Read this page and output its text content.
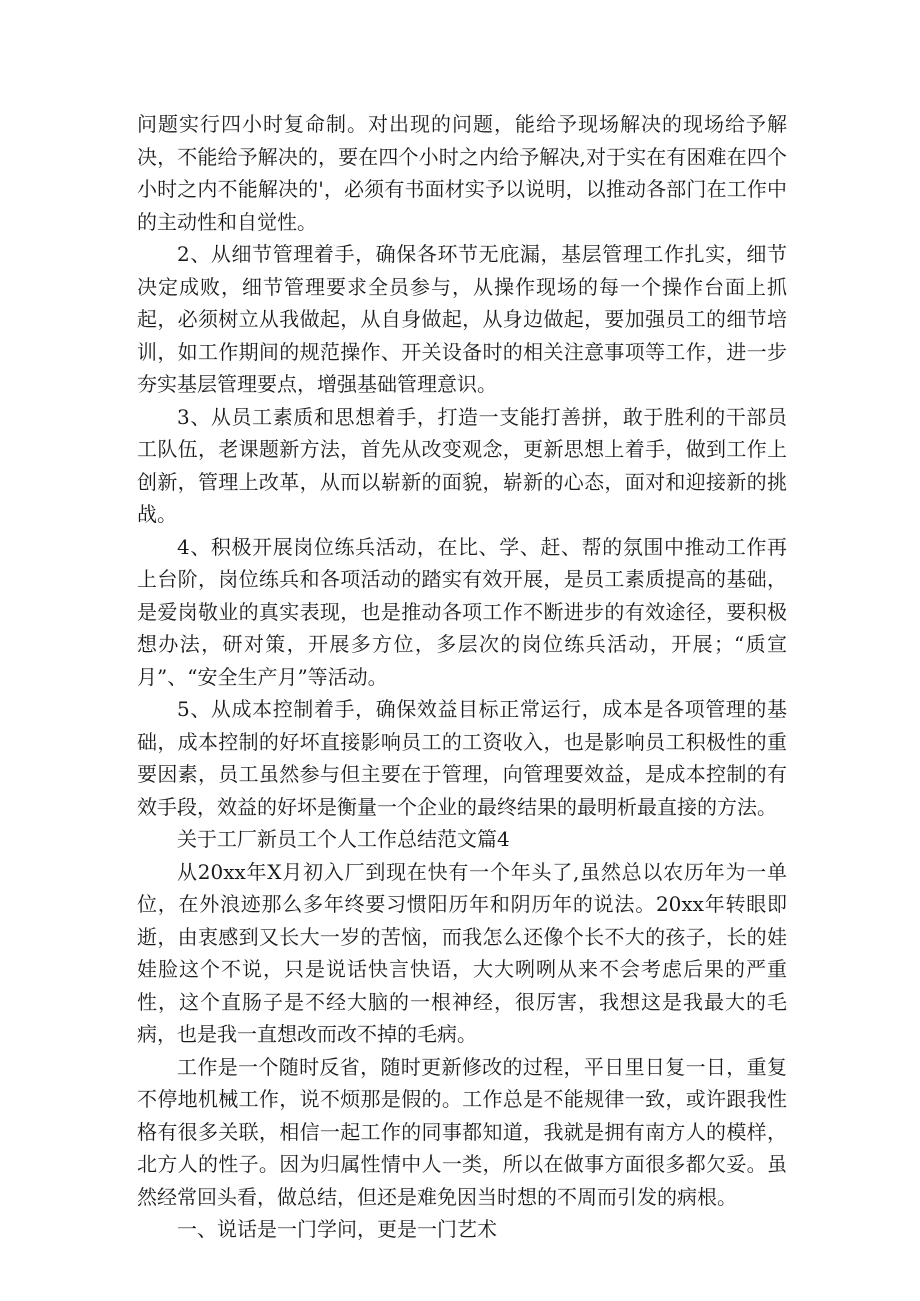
问题实行四小时复命制。对出现的问题，能给予现场解决的现场给予解决，不能给予解决的，要在四个小时之内给予解决,对于实在有困难在四个小时之内不能解决的'，必须有书面材实予以说明，以推动各部门在工作中的主动性和自觉性。

2、从细节管理着手，确保各环节无庇漏，基层管理工作扎实，细节决定成败，细节管理要求全员参与，从操作现场的每一个操作台面上抓起，必须树立从我做起，从自身做起，从身边做起，要加强员工的细节培训，如工作期间的规范操作、开关设备时的相关注意事项等工作，进一步夯实基层管理要点，增强基础管理意识。

3、从员工素质和思想着手，打造一支能打善拼，敢于胜利的干部员工队伍，老课题新方法，首先从改变观念，更新思想上着手，做到工作上创新，管理上改革，从而以崭新的面貌，崭新的心态，面对和迎接新的挑战。

4、积极开展岗位练兵活动，在比、学、赶、帮的氛围中推动工作再上台阶，岗位练兵和各项活动的踏实有效开展，是员工素质提高的基础，是爱岗敬业的真实表现，也是推动各项工作不断进步的有效途径，要积极想办法，研对策，开展多方位，多层次的岗位练兵活动，开展；“质宣月”、“安全生产月”等活动。

5、从成本控制着手，确保效益目标正常运行，成本是各项管理的基础，成本控制的好坏直接影响员工的工资收入，也是影响员工积极性的重要因素，员工虽然参与但主要在于管理，向管理要效益，是成本控制的有效手段，效益的好坏是衡量一个企业的最终结果的最明析最直接的方法。

关于工厂新员工个人工作总结范文篇4

从20xx年X月初入厂到现在快有一个年头了,虽然总以农历年为一单位，在外浪迹那么多年终要习惯阳历年和阴历年的说法。20xx年转眼即逝，由衷感到又长大一岁的苦恼，而我怎么还像个长不大的孩子，长的娃娃脸这个不说，只是说话快言快语，大大咧咧从来不会考虑后果的严重性，这个直肠子是不经大脑的一根神经，很厉害，我想这是我最大的毛病，也是我一直想改而改不掉的毛病。

工作是一个随时反省，随时更新修改的过程，平日里日复一日，重复不停地机械工作，说不烦那是假的。工作总是不能规律一致，或许跟我性格有很多关联，相信一起工作的同事都知道，我就是拥有南方人的模样，北方人的性子。因为归属性情中人一类，所以在做事方面很多都欠妥。虽然经常回头看，做总结，但还是难免因当时想的不周而引发的病根。

一、说话是一门学问，更是一门艺术
